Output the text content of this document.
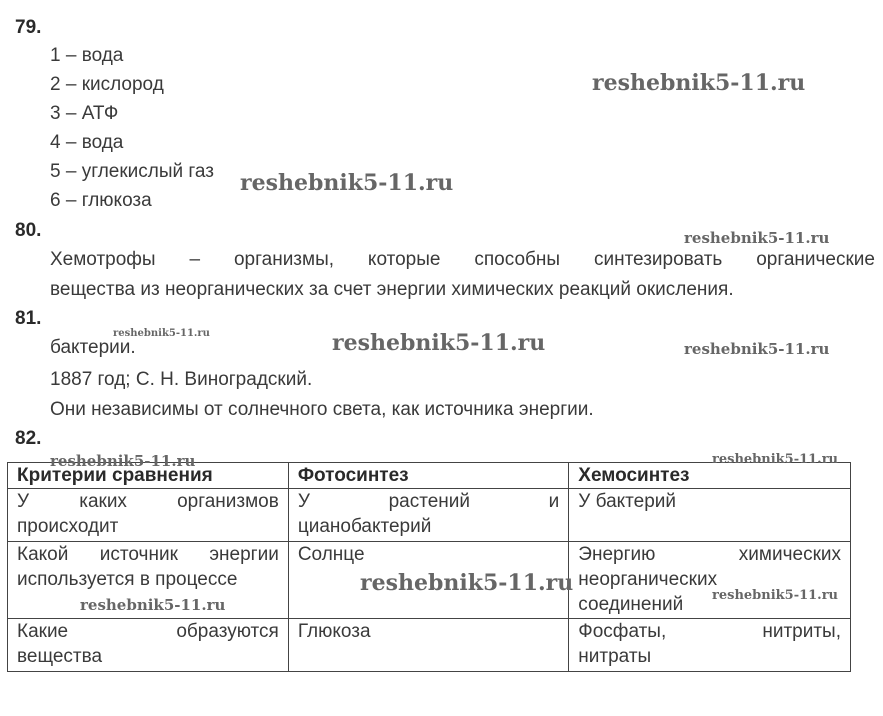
79.
1 – вода
2 – кислород
3 – АТФ
4 – вода
5 – углекислый газ
6 – глюкоза
80.
Хемотрофы – организмы, которые способны синтезировать органические
вещества из неорганических за счет энергии химических реакций окисления.
81.
бактерии.
1887 год; С. Н. Виноградский.
Они независимы от солнечного света, как источника энергии.
82.
Критерии сравнения	Фотосинтез	Хемосинтез

У каких организмов
происходит	У растений и
цианобактерий	У бактерий

Какой источник энергии
используется в процессе	Солнце	Энергию химических
неорганических
соединений

Какие образуются
вещества	Глюкоза	Фосфаты, нитриты,
нитраты
reshebnik5-11.ru
reshebnik5-11.ru
reshebnik5-11.ru
reshebnik5-11.ru	reshebnik5-11.ru	reshebnik5-11.ru
reshebnik5-11.ru	reshebnik5-11.ru
reshebnik5-11.ru
reshebnik5-11.ru
reshebnik5-11.ru
